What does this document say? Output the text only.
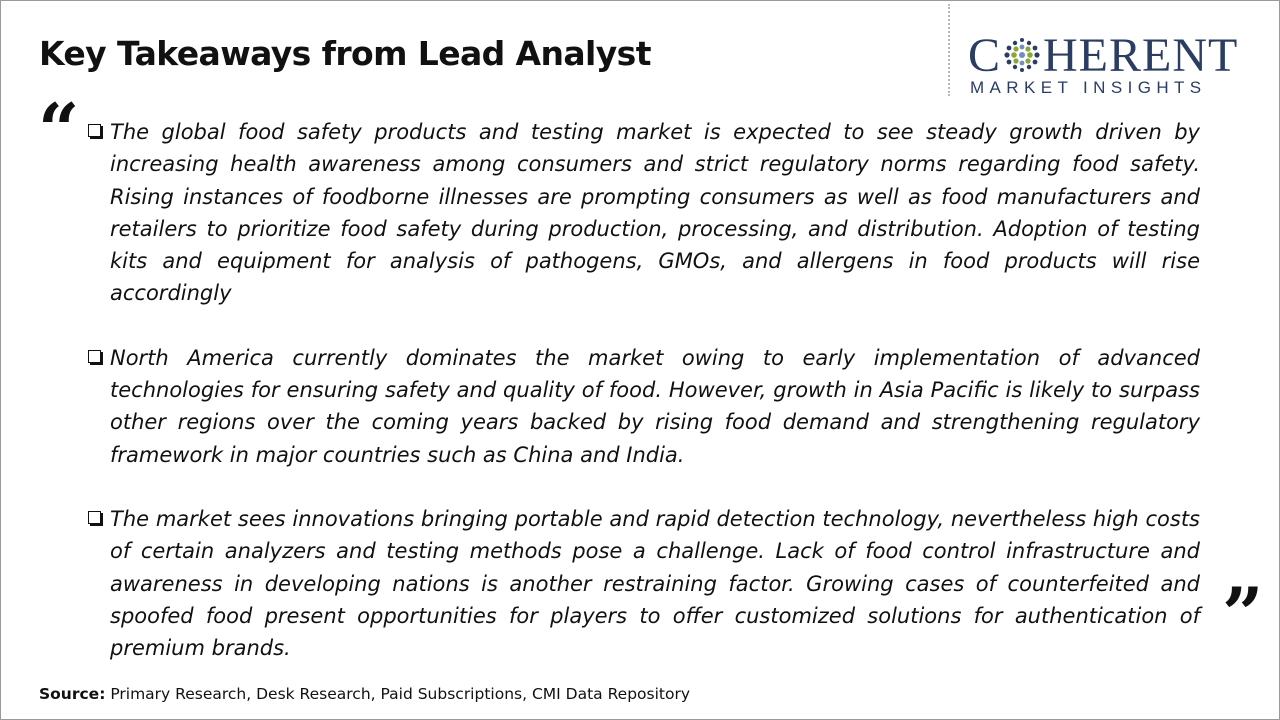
Key Takeaways from Lead Analyst	C HERENT
MARKET INSIGHTS
“	The global food safety products and testing market is expected to see steady growth driven by increasing health awareness among consumers and strict regulatory norms regarding food safety. Rising instances of foodborne illnesses are prompting consumers as well as food manufacturers and retailers to prioritize food safety during production, processing, and distribution. Adoption of testing kits and equipment for analysis of pathogens, GMOs, and allergens in food products will rise accordingly
North America currently dominates the market owing to early implementation of advanced technologies for ensuring safety and quality of food. However, growth in Asia Pacific is likely to surpass other regions over the coming years backed by rising food demand and strengthening regulatory framework in major countries such as China and India.
The market sees innovations bringing portable and rapid detection technology, nevertheless high costs of certain analyzers and testing methods pose a challenge. Lack of food control infrastructure and awareness in developing nations is another restraining factor. Growing cases of counterfeited and spoofed food present opportunities for players to offer customized solutions for authentication of premium brands.	”

Source: Primary Research, Desk Research, Paid Subscriptions, CMI Data Repository
